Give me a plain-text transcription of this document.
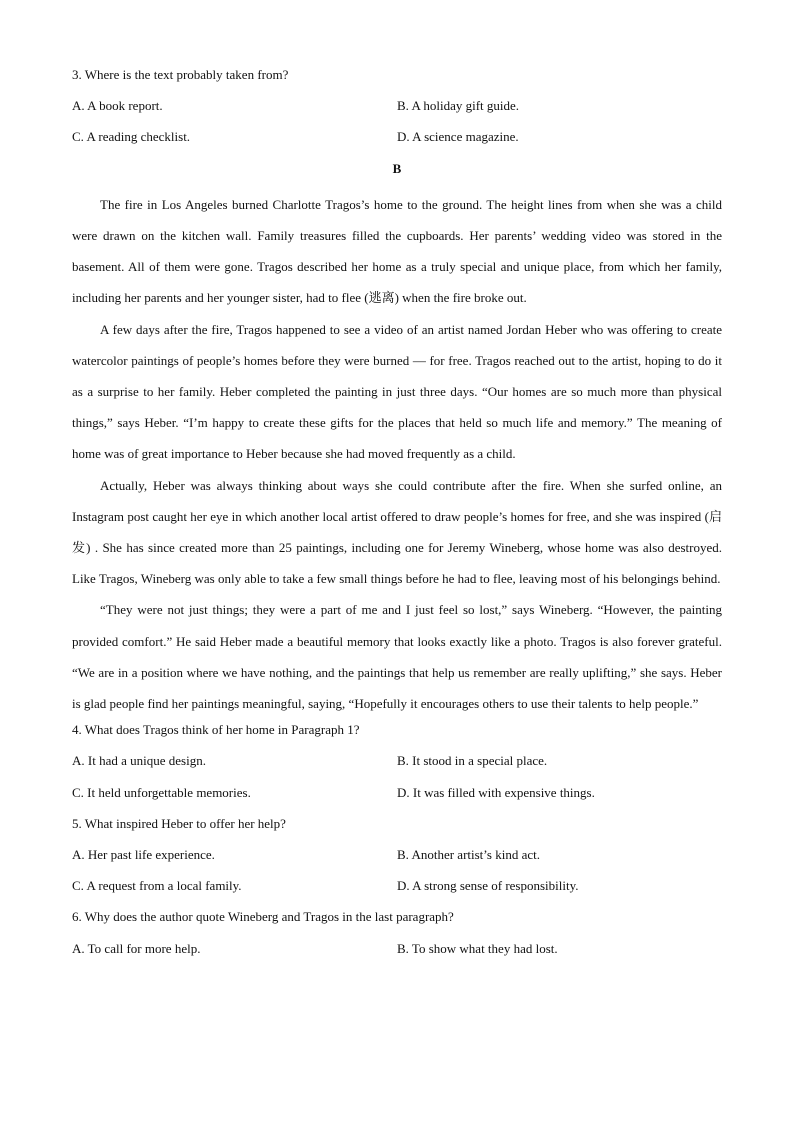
3. Where is the text probably taken from?
A. A book report.	B. A holiday gift guide.
C. A reading checklist.	D. A science magazine.
B

The fire in Los Angeles burned Charlotte Tragos’s home to the ground. The height lines from when she was a child were drawn on the kitchen wall. Family treasures filled the cupboards. Her parents’ wedding video was stored in the basement. All of them were gone. Tragos described her home as a truly special and unique place, from which her family, including her parents and her younger sister, had to flee (逃离) when the fire broke out.

A few days after the fire, Tragos happened to see a video of an artist named Jordan Heber who was offering to create watercolor paintings of people’s homes before they were burned — for free. Tragos reached out to the artist, hoping to do it as a surprise to her family. Heber completed the painting in just three days. “Our homes are so much more than physical things,” says Heber. “I’m happy to create these gifts for the places that held so much life and memory.” The meaning of home was of great importance to Heber because she had moved frequently as a child.

Actually, Heber was always thinking about ways she could contribute after the fire. When she surfed online, an Instagram post caught her eye in which another local artist offered to draw people’s homes for free, and she was inspired (启发) . She has since created more than 25 paintings, including one for Jeremy Wineberg, whose home was also destroyed. Like Tragos, Wineberg was only able to take a few small things before he had to flee, leaving most of his belongings behind.

“They were not just things; they were a part of me and I just feel so lost,” says Wineberg. “However, the painting provided comfort.” He said Heber made a beautiful memory that looks exactly like a photo. Tragos is also forever grateful. “We are in a position where we have nothing, and the paintings that help us remember are really uplifting,” she says. Heber is glad people find her paintings meaningful, saying, “Hopefully it encourages others to use their talents to help people.”

4. What does Tragos think of her home in Paragraph 1?
A. It had a unique design.	B. It stood in a special place.
C. It held unforgettable memories.	D. It was filled with expensive things.
5. What inspired Heber to offer her help?
A. Her past life experience.	B. Another artist’s kind act.
C. A request from a local family.	D. A strong sense of responsibility.
6. Why does the author quote Wineberg and Tragos in the last paragraph?
A. To call for more help.	B. To show what they had lost.
